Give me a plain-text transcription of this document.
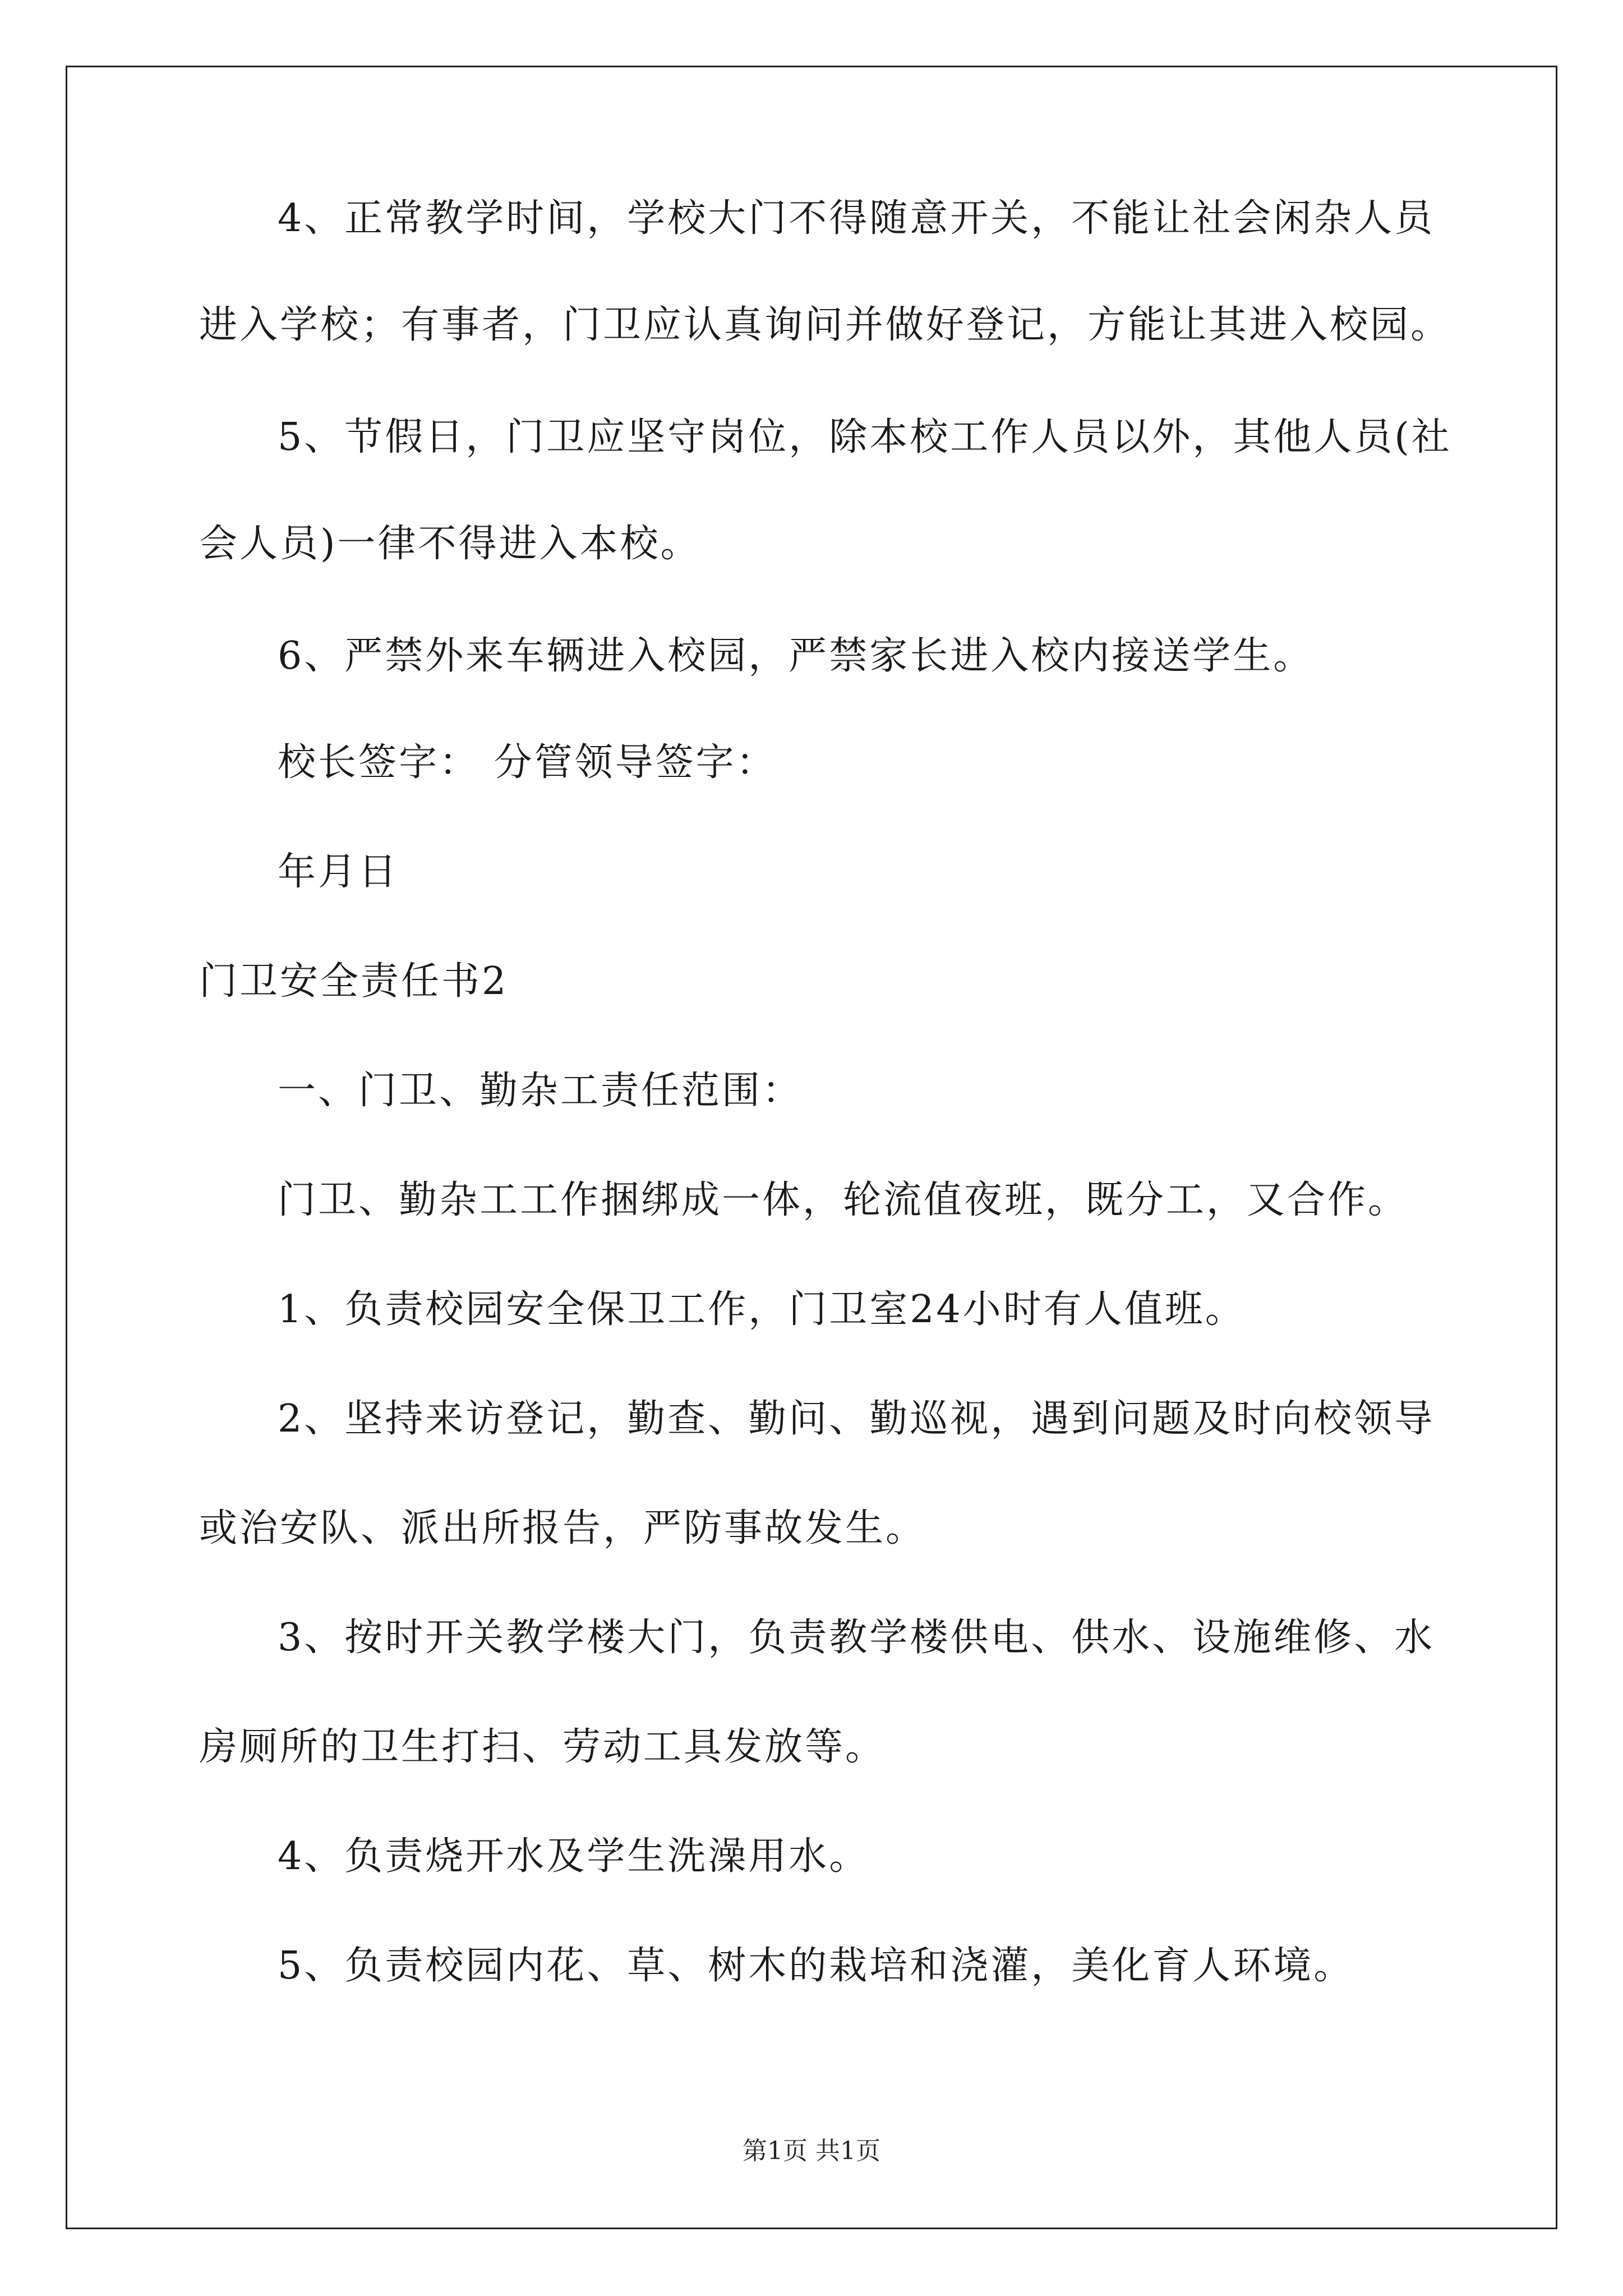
4、正常教学时间，学校大门不得随意开关，不能让社会闲杂人员
进入学校；有事者，门卫应认真询问并做好登记，方能让其进入校园。
5、节假日，门卫应坚守岗位，除本校工作人员以外，其他人员(社
会人员)一律不得进入本校。
6、严禁外来车辆进入校园，严禁家长进入校内接送学生。
校长签字： 分管领导签字：
年月日
门卫安全责任书2
一、门卫、勤杂工责任范围：
门卫、勤杂工工作捆绑成一体，轮流值夜班，既分工，又合作。
1、负责校园安全保卫工作，门卫室24小时有人值班。
2、坚持来访登记，勤查、勤问、勤巡视，遇到问题及时向校领导
或治安队、派出所报告，严防事故发生。
3、按时开关教学楼大门，负责教学楼供电、供水、设施维修、水
房厕所的卫生打扫、劳动工具发放等。
4、负责烧开水及学生洗澡用水。
5、负责校园内花、草、树木的栽培和浇灌，美化育人环境。
第1页 共1页
